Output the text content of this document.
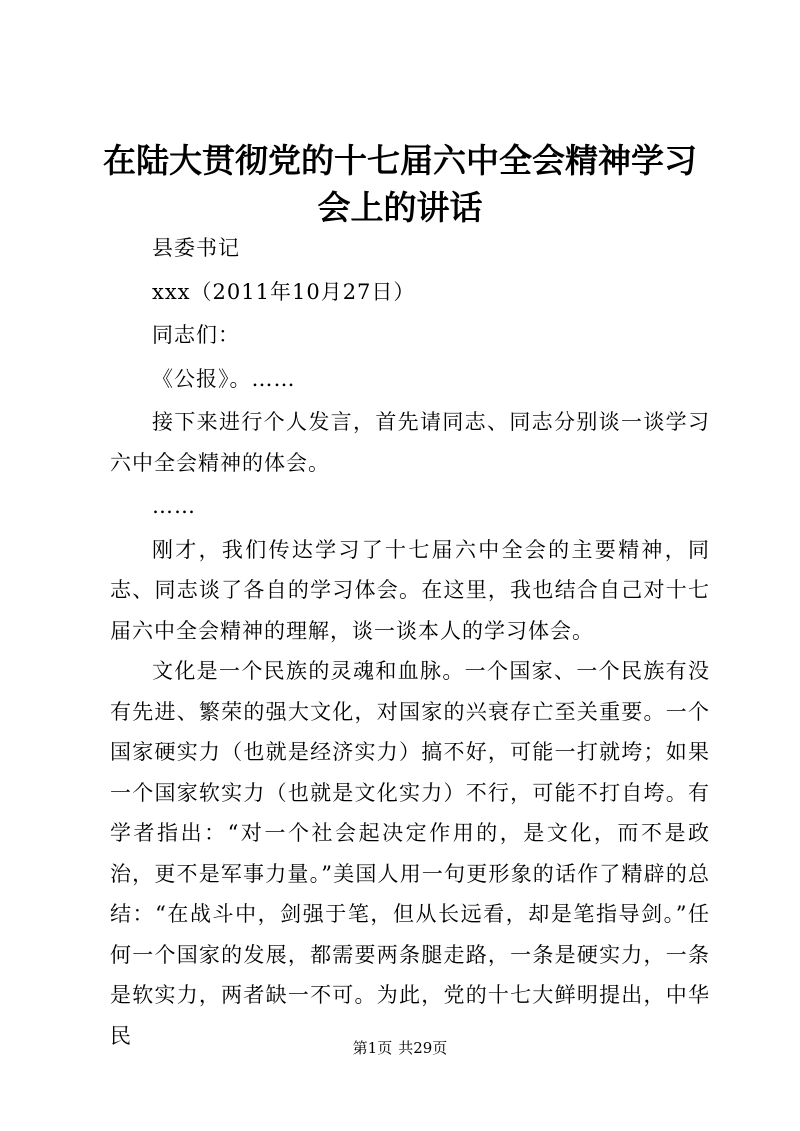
在陆大贯彻党的十七届六中全会精神学习会上的讲话

县委书记

xxx（2011年10月27日）

同志们：

《公报》。……

接下来进行个人发言，首先请同志、同志分别谈一谈学习六中全会精神的体会。

……

刚才，我们传达学习了十七届六中全会的主要精神，同志、同志谈了各自的学习体会。在这里，我也结合自己对十七届六中全会精神的理解，谈一谈本人的学习体会。

文化是一个民族的灵魂和血脉。一个国家、一个民族有没有先进、繁荣的强大文化，对国家的兴衰存亡至关重要。一个国家硬实力（也就是经济实力）搞不好，可能一打就垮；如果一个国家软实力（也就是文化实力）不行，可能不打自垮。有学者指出：“对一个社会起决定作用的，是文化，而不是政治，更不是军事力量。”美国人用一句更形象的话作了精辟的总结：“在战斗中，剑强于笔，但从长远看，却是笔指导剑。”任何一个国家的发展，都需要两条腿走路，一条是硬实力，一条是软实力，两者缺一不可。为此，党的十七大鲜明提出，中华民

第1页 共29页
